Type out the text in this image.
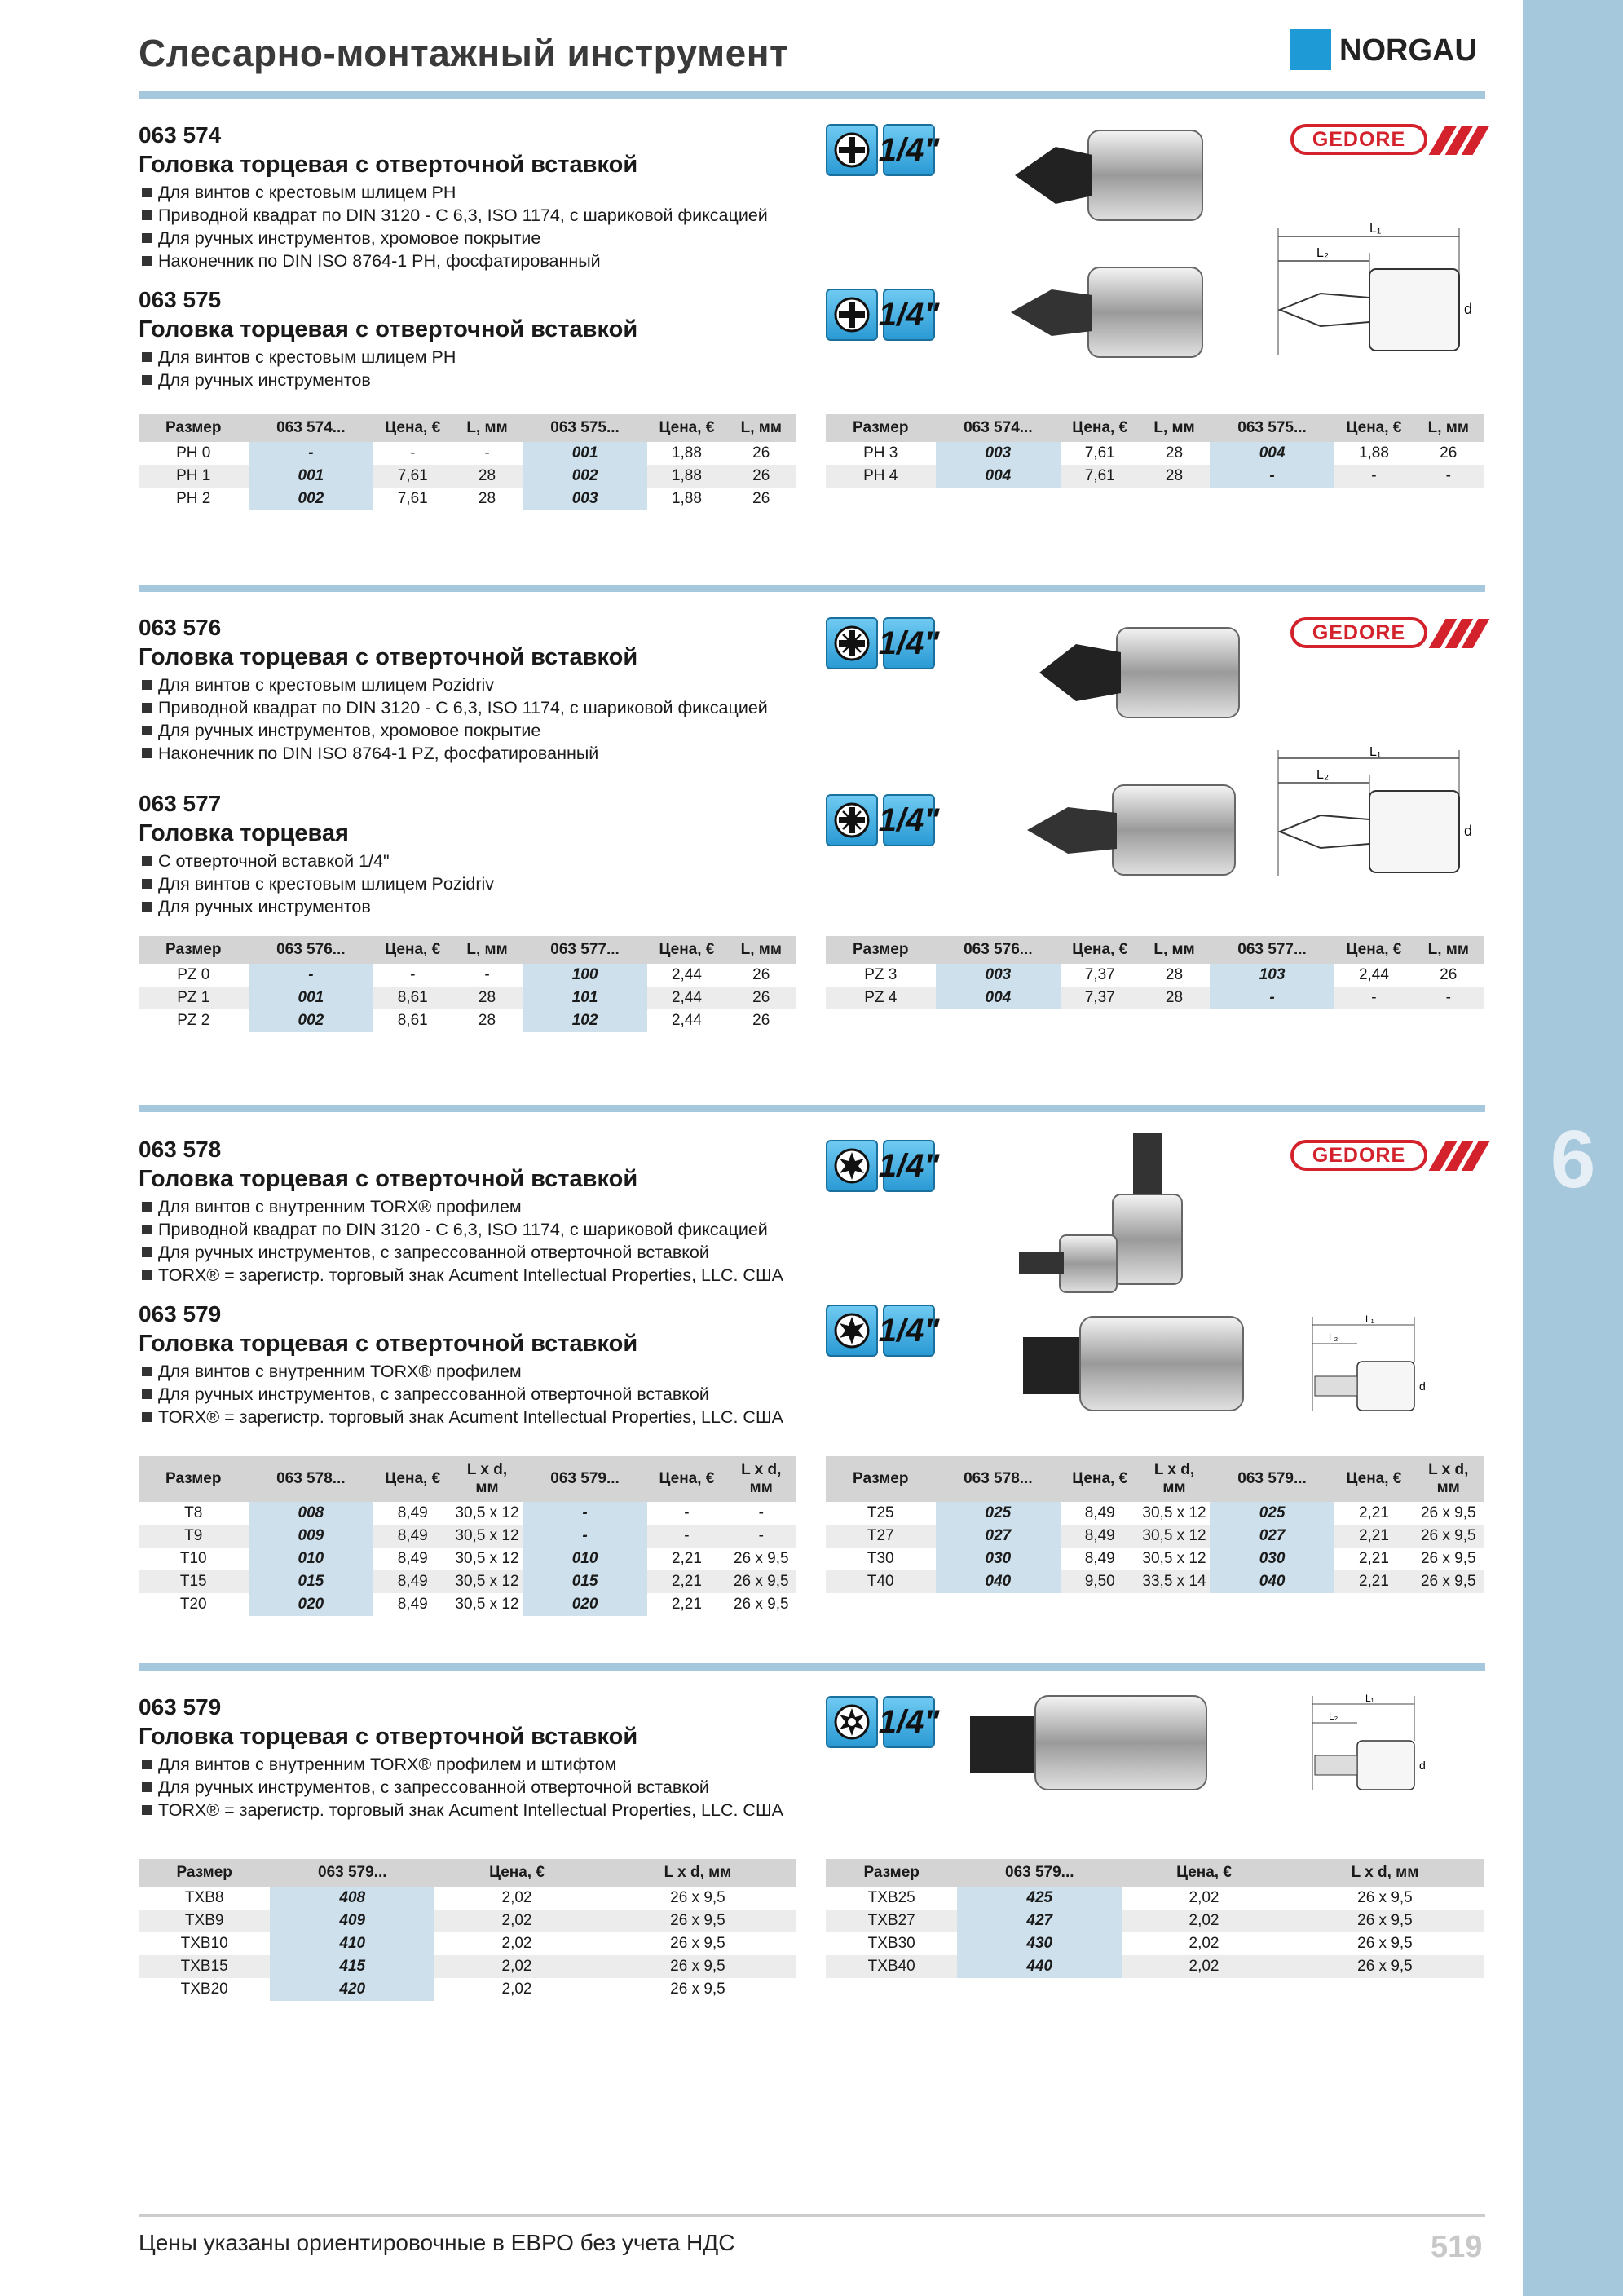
6
Слесарно-монтажный инструмент	NORGAU
063 574
Головка торцевая с отверточной вставкой
Для винтов с крестовым шлицем PH
Приводной квадрат по DIN 3120 - C 6,3, ISO 1174, с шариковой фиксацией
Для ручных инструментов, хромовое покрытие
Наконечник по DIN ISO 8764-1 PH, фосфатированный
063 575
Головка торцевая с отверточной вставкой
Для винтов с крестовым шлицем PH
Для ручных инструментов
1/4"
1/4"
GEDORE
L₁
L₂
d
Размер	063 574...	Цена, €	L, мм	063 575...	Цена, €	L, мм
PH 0	-	-	-	001	1,88	26
PH 1	001	7,61	28	002	1,88	26
PH 2	002	7,61	28	003	1,88	26
Размер	063 574...	Цена, €	L, мм	063 575...	Цена, €	L, мм
PH 3	003	7,61	28	004	1,88	26
PH 4	004	7,61	28	-	-	-
063 576
Головка торцевая с отверточной вставкой
Для винтов с крестовым шлицем Pozidriv
Приводной квадрат по DIN 3120 - C 6,3, ISO 1174, с шариковой фиксацией
Для ручных инструментов, хромовое покрытие
Наконечник по DIN ISO 8764-1 PZ, фосфатированный
063 577
Головка торцевая
С отверточной вставкой 1/4"
Для винтов с крестовым шлицем Pozidriv
Для ручных инструментов
1/4"
1/4"
GEDORE
L₁
L₂
d
Размер	063 576...	Цена, €	L, мм	063 577...	Цена, €	L, мм
PZ 0	-	-	-	100	2,44	26
PZ 1	001	8,61	28	101	2,44	26
PZ 2	002	8,61	28	102	2,44	26
Размер	063 576...	Цена, €	L, мм	063 577...	Цена, €	L, мм
PZ 3	003	7,37	28	103	2,44	26
PZ 4	004	7,37	28	-	-	-
063 578
Головка торцевая с отверточной вставкой
Для винтов с внутренним TORX® профилем
Приводной квадрат по DIN 3120 - C 6,3, ISO 1174, с шариковой фиксацией
Для ручных инструментов, с запрессованной отверточной вставкой
TORX® = зарегистр. торговый знак Acument Intellectual Properties, LLC. США
063 579
Головка торцевая с отверточной вставкой
Для винтов с внутренним TORX® профилем
Для ручных инструментов, с запрессованной отверточной вставкой
TORX® = зарегистр. торговый знак Acument Intellectual Properties, LLC. США
1/4"
1/4"
GEDORE
L₁
L₂
d
Размер	063 578...	Цена, €	L x d, мм	063 579...	Цена, €	L x d, мм
T8	008	8,49	30,5 x 12	-	-	-
T9	009	8,49	30,5 x 12	-	-	-
T10	010	8,49	30,5 x 12	010	2,21	26 x 9,5
T15	015	8,49	30,5 x 12	015	2,21	26 x 9,5
T20	020	8,49	30,5 x 12	020	2,21	26 x 9,5
Размер	063 578...	Цена, €	L x d, мм	063 579...	Цена, €	L x d, мм
T25	025	8,49	30,5 x 12	025	2,21	26 x 9,5
T27	027	8,49	30,5 x 12	027	2,21	26 x 9,5
T30	030	8,49	30,5 x 12	030	2,21	26 x 9,5
T40	040	9,50	33,5 x 14	040	2,21	26 x 9,5
063 579
Головка торцевая с отверточной вставкой
Для винтов с внутренним TORX® профилем и штифтом
Для ручных инструментов, с запрессованной отверточной вставкой
TORX® = зарегистр. торговый знак Acument Intellectual Properties, LLC. США
1/4"
L₁
L₂
d
Размер	063 579...	Цена, €	L x d, мм
TXB8	408	2,02	26 x 9,5
TXB9	409	2,02	26 x 9,5
TXB10	410	2,02	26 x 9,5
TXB15	415	2,02	26 x 9,5
TXB20	420	2,02	26 x 9,5
Размер	063 579...	Цена, €	L x d, мм
TXB25	425	2,02	26 x 9,5
TXB27	427	2,02	26 x 9,5
TXB30	430	2,02	26 x 9,5
TXB40	440	2,02	26 x 9,5
Цены указаны ориентировочные в ЕВРО без учета НДС	519
